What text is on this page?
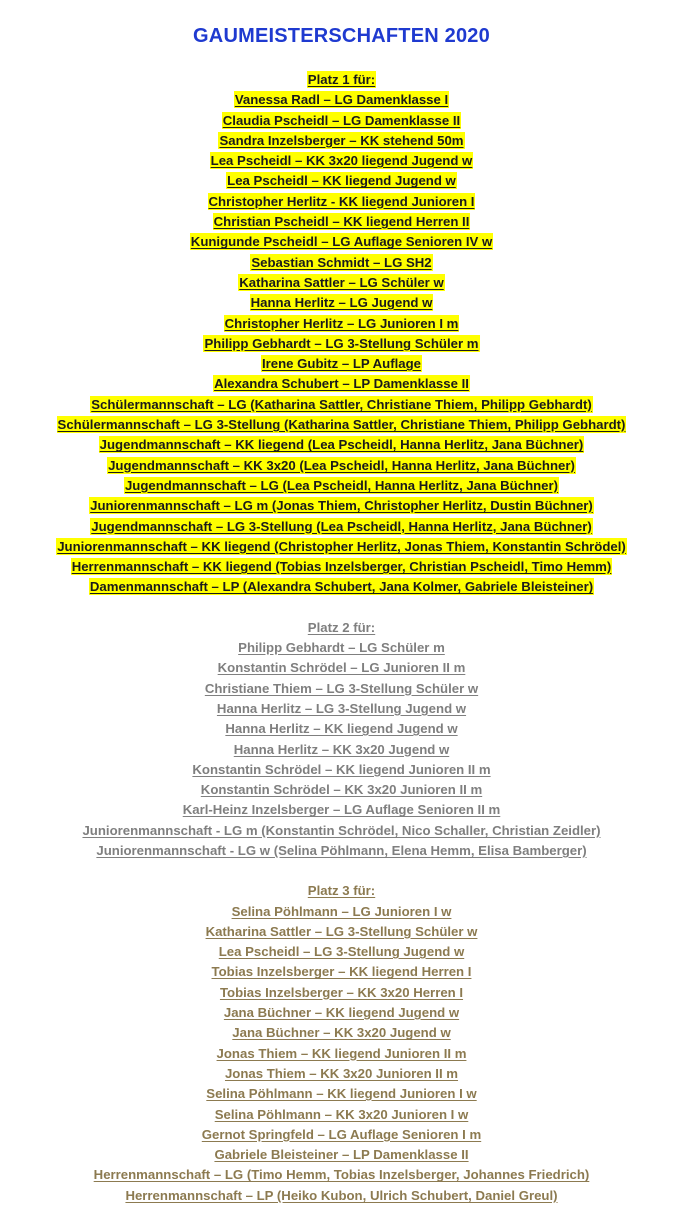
GAUMEISTERSCHAFTEN 2020
Platz 1 für:
Vanessa Radl – LG Damenklasse I
Claudia Pscheidl – LG Damenklasse II
Sandra Inzelsberger – KK stehend 50m
Lea Pscheidl – KK 3x20 liegend Jugend w
Lea Pscheidl – KK liegend Jugend w
Christopher Herlitz - KK liegend Junioren I
Christian Pscheidl – KK liegend Herren II
Kunigunde Pscheidl – LG Auflage Senioren IV w
Sebastian Schmidt – LG SH2
Katharina Sattler – LG Schüler w
Hanna Herlitz – LG Jugend w
Christopher Herlitz – LG Junioren I m
Philipp Gebhardt – LG 3-Stellung Schüler m
Irene Gubitz – LP Auflage
Alexandra Schubert – LP Damenklasse II
Schülermannschaft – LG (Katharina Sattler, Christiane Thiem, Philipp Gebhardt)
Schülermannschaft – LG 3-Stellung (Katharina Sattler, Christiane Thiem, Philipp Gebhardt)
Jugendmannschaft – KK liegend (Lea Pscheidl, Hanna Herlitz, Jana Büchner)
Jugendmannschaft – KK 3x20 (Lea Pscheidl, Hanna Herlitz, Jana Büchner)
Jugendmannschaft – LG (Lea Pscheidl, Hanna Herlitz, Jana Büchner)
Juniorenmannschaft – LG m (Jonas Thiem, Christopher Herlitz, Dustin Büchner)
Jugendmannschaft – LG 3-Stellung (Lea Pscheidl, Hanna Herlitz, Jana Büchner)
Juniorenmannschaft – KK liegend (Christopher Herlitz, Jonas Thiem, Konstantin Schrödel)
Herrenmannschaft – KK liegend (Tobias Inzelsberger, Christian Pscheidl, Timo Hemm)
Damenmannschaft – LP (Alexandra Schubert, Jana Kolmer, Gabriele Bleisteiner)
Platz 2 für:
Philipp Gebhardt – LG Schüler m
Konstantin Schrödel – LG Junioren II m
Christiane Thiem – LG 3-Stellung Schüler w
Hanna Herlitz – LG 3-Stellung Jugend w
Hanna Herlitz – KK liegend Jugend w
Hanna Herlitz – KK 3x20 Jugend w
Konstantin Schrödel – KK liegend Junioren II m
Konstantin Schrödel – KK 3x20 Junioren II m
Karl-Heinz Inzelsberger – LG Auflage Senioren II m
Juniorenmannschaft - LG m (Konstantin Schrödel, Nico Schaller, Christian Zeidler)
Juniorenmannschaft - LG w (Selina Pöhlmann, Elena Hemm, Elisa Bamberger)
Platz 3 für:
Selina Pöhlmann – LG Junioren I w
Katharina Sattler – LG 3-Stellung Schüler w
Lea Pscheidl – LG 3-Stellung Jugend w
Tobias Inzelsberger – KK liegend Herren I
Tobias Inzelsberger – KK 3x20 Herren I
Jana Büchner – KK liegend Jugend w
Jana Büchner – KK 3x20 Jugend w
Jonas Thiem – KK liegend Junioren II m
Jonas Thiem – KK 3x20 Junioren II m
Selina Pöhlmann – KK liegend Junioren I w
Selina Pöhlmann – KK 3x20 Junioren I w
Gernot Springfeld – LG Auflage Senioren I m
Gabriele Bleisteiner – LP Damenklasse II
Herrenmannschaft – LG (Timo Hemm, Tobias Inzelsberger, Johannes Friedrich)
Herrenmannschaft – LP (Heiko Kubon, Ulrich Schubert, Daniel Greul)
